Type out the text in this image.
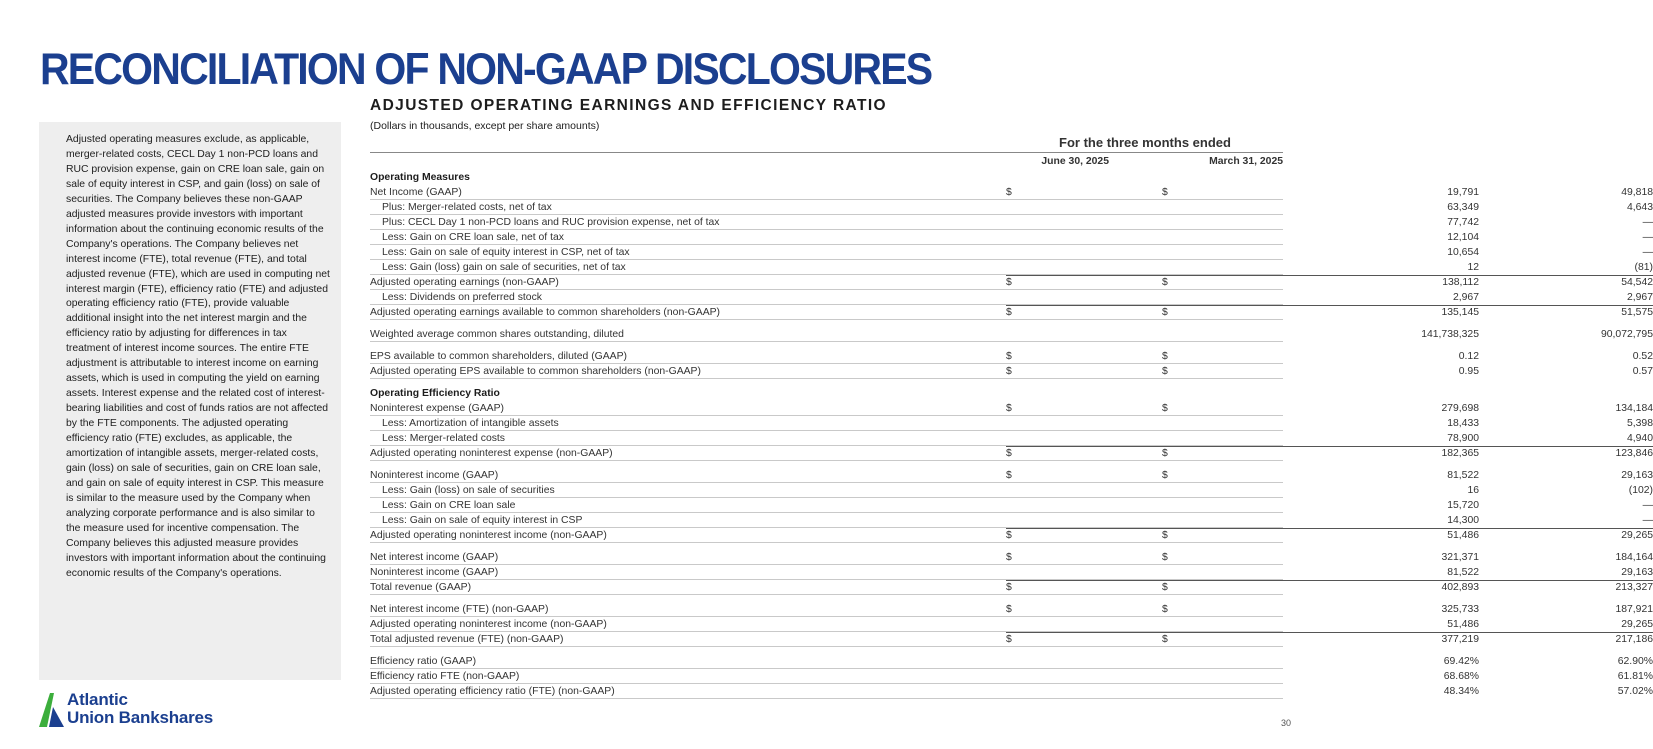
RECONCILIATION OF NON-GAAP DISCLOSURES

Adjusted operating measures exclude, as applicable, merger-related costs, CECL Day 1 non-PCD loans and RUC provision expense, gain on CRE loan sale, gain on sale of equity interest in CSP, and gain (loss) on sale of securities. The Company believes these non-GAAP adjusted measures provide investors with important information about the continuing economic results of the Company's operations. The Company believes net interest income (FTE), total revenue (FTE), and total adjusted revenue (FTE), which are used in computing net interest margin (FTE), efficiency ratio (FTE) and adjusted operating efficiency ratio (FTE), provide valuable additional insight into the net interest margin and the efficiency ratio by adjusting for differences in tax treatment of interest income sources. The entire FTE adjustment is attributable to interest income on earning assets, which is used in computing the yield on earning assets. Interest expense and the related cost of interest-bearing liabilities and cost of funds ratios are not affected by the FTE components. The adjusted operating efficiency ratio (FTE) excludes, as applicable, the amortization of intangible assets, merger-related costs, gain (loss) on sale of securities, gain on CRE loan sale, and gain on sale of equity interest in CSP. This measure is similar to the measure used by the Company when analyzing corporate performance and is also similar to the measure used for incentive compensation. The Company believes this adjusted measure provides investors with important information about the continuing economic results of the Company's operations.

Atlantic
Union Bankshares	30
ADJUSTED OPERATING EARNINGS AND EFFICIENCY RATIO
(Dollars in thousands, except per share amounts)
For the three months ended
June 30, 2025	March 31, 2025
Operating Measures
Net Income (GAAP)	$	$	19,791	49,818
Plus: Merger-related costs, net of tax	63,349	4,643
Plus: CECL Day 1 non-PCD loans and RUC provision expense, net of tax	77,742	—
Less: Gain on CRE loan sale, net of tax	12,104	—
Less: Gain on sale of equity interest in CSP, net of tax	10,654	—
Less: Gain (loss) gain on sale of securities, net of tax	12	(81)
Adjusted operating earnings (non-GAAP)	$	$	138,112	54,542
Less: Dividends on preferred stock	2,967	2,967
Adjusted operating earnings available to common shareholders (non-GAAP)	$	$	135,145	51,575
Weighted average common shares outstanding, diluted	141,738,325	90,072,795
EPS available to common shareholders, diluted (GAAP)	$	$	0.12	0.52
Adjusted operating EPS available to common shareholders (non-GAAP)	$	$	0.95	0.57
Operating Efficiency Ratio
Noninterest expense (GAAP)	$	$	279,698	134,184
Less: Amortization of intangible assets	18,433	5,398
Less: Merger-related costs	78,900	4,940
Adjusted operating noninterest expense (non-GAAP)	$	$	182,365	123,846
Noninterest income (GAAP)	$	$	81,522	29,163
Less: Gain (loss) on sale of securities	16	(102)
Less: Gain on CRE loan sale	15,720	—
Less: Gain on sale of equity interest in CSP	14,300	—
Adjusted operating noninterest income (non-GAAP)	$	$	51,486	29,265
Net interest income (GAAP)	$	$	321,371	184,164
Noninterest income (GAAP)	81,522	29,163
Total revenue (GAAP)	$	$	402,893	213,327
Net interest income (FTE) (non-GAAP)	$	$	325,733	187,921
Adjusted operating noninterest income (non-GAAP)	51,486	29,265
Total adjusted revenue (FTE) (non-GAAP)	$	$	377,219	217,186
Efficiency ratio (GAAP)	69.42%	62.90%
Efficiency ratio FTE (non-GAAP)	68.68%	61.81%
Adjusted operating efficiency ratio (FTE) (non-GAAP)	48.34%	57.02%
